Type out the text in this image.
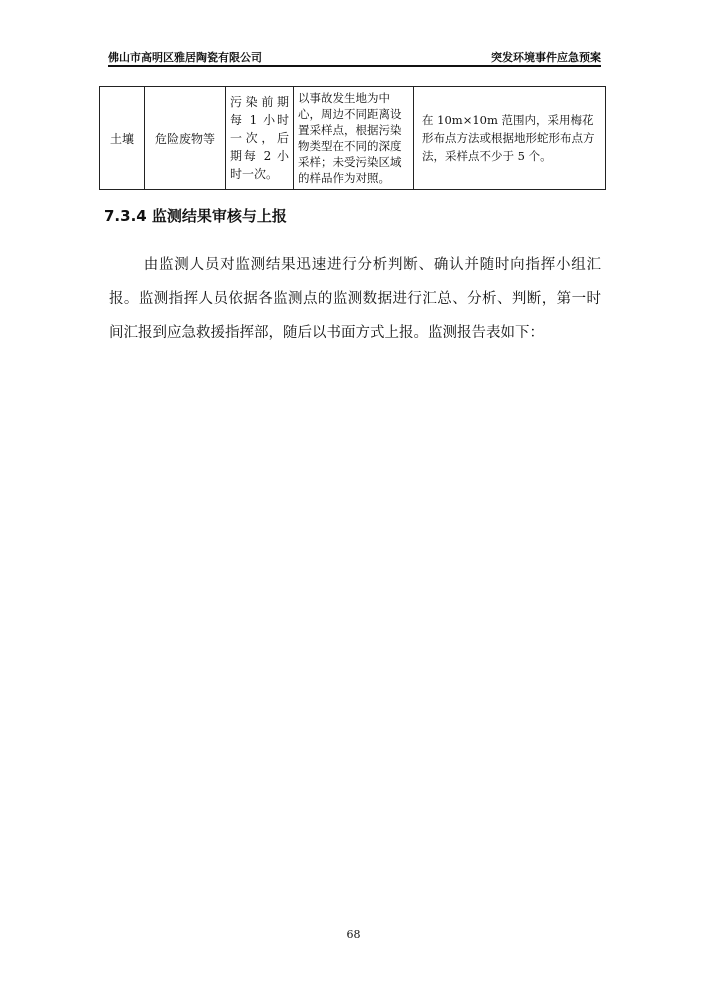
佛山市高明区雅居陶瓷有限公司	突发环境事件应急预案
土壤	危险废物等	污染前期每 1 小时一次，后期每 2 小时一次。	以事故发生地为中心，周边不同距离设置采样点，根据污染物类型在不同的深度采样；未受污染区域的样品作为对照。	在 10m×10m 范围内，采用梅花形布点方法或根据地形蛇形布点方法，采样点不少于 5 个。
7.3.4 监测结果审核与上报
由监测人员对监测结果迅速进行分析判断、确认并随时向指挥小组汇报。监测指挥人员依据各监测点的监测数据进行汇总、分析、判断，第一时间汇报到应急救援指挥部，随后以书面方式上报。监测报告表如下：
68
